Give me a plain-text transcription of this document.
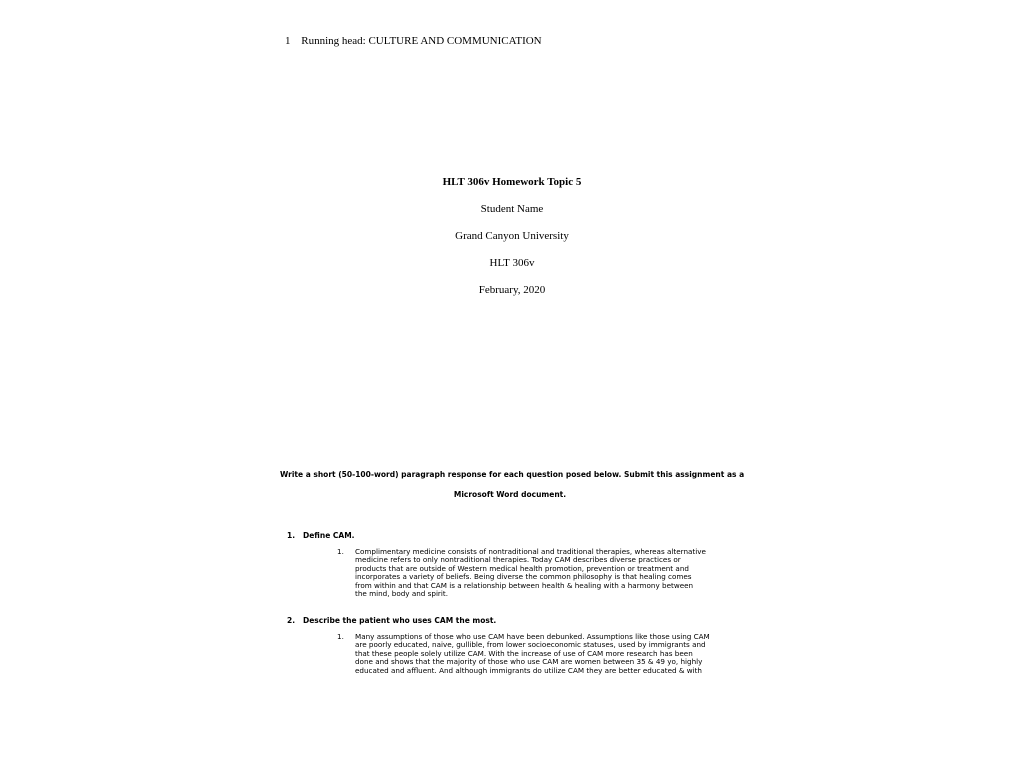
1 Running head: CULTURE AND COMMUNICATION
HLT 306v Homework Topic 5
Student Name
Grand Canyon University
HLT 306v
February, 2020
Write a short (50-100-word) paragraph response for each question posed below. Submit this assignment as a
Microsoft Word document.
1. Define CAM.
1. Complimentary medicine consists of nontraditional and traditional therapies, whereas alternative
medicine refers to only nontraditional therapies. Today CAM describes diverse practices or
products that are outside of Western medical health promotion, prevention or treatment and
incorporates a variety of beliefs. Being diverse the common philosophy is that healing comes
from within and that CAM is a relationship between health & healing with a harmony between
the mind, body and spirit.
2. Describe the patient who uses CAM the most.
1. Many assumptions of those who use CAM have been debunked. Assumptions like those using CAM
are poorly educated, naive, gullible, from lower socioeconomic statuses, used by immigrants and
that these people solely utilize CAM. With the increase of use of CAM more research has been
done and shows that the majority of those who use CAM are women between 35 & 49 yo, highly
educated and affluent. And although immigrants do utilize CAM they are better educated & with
